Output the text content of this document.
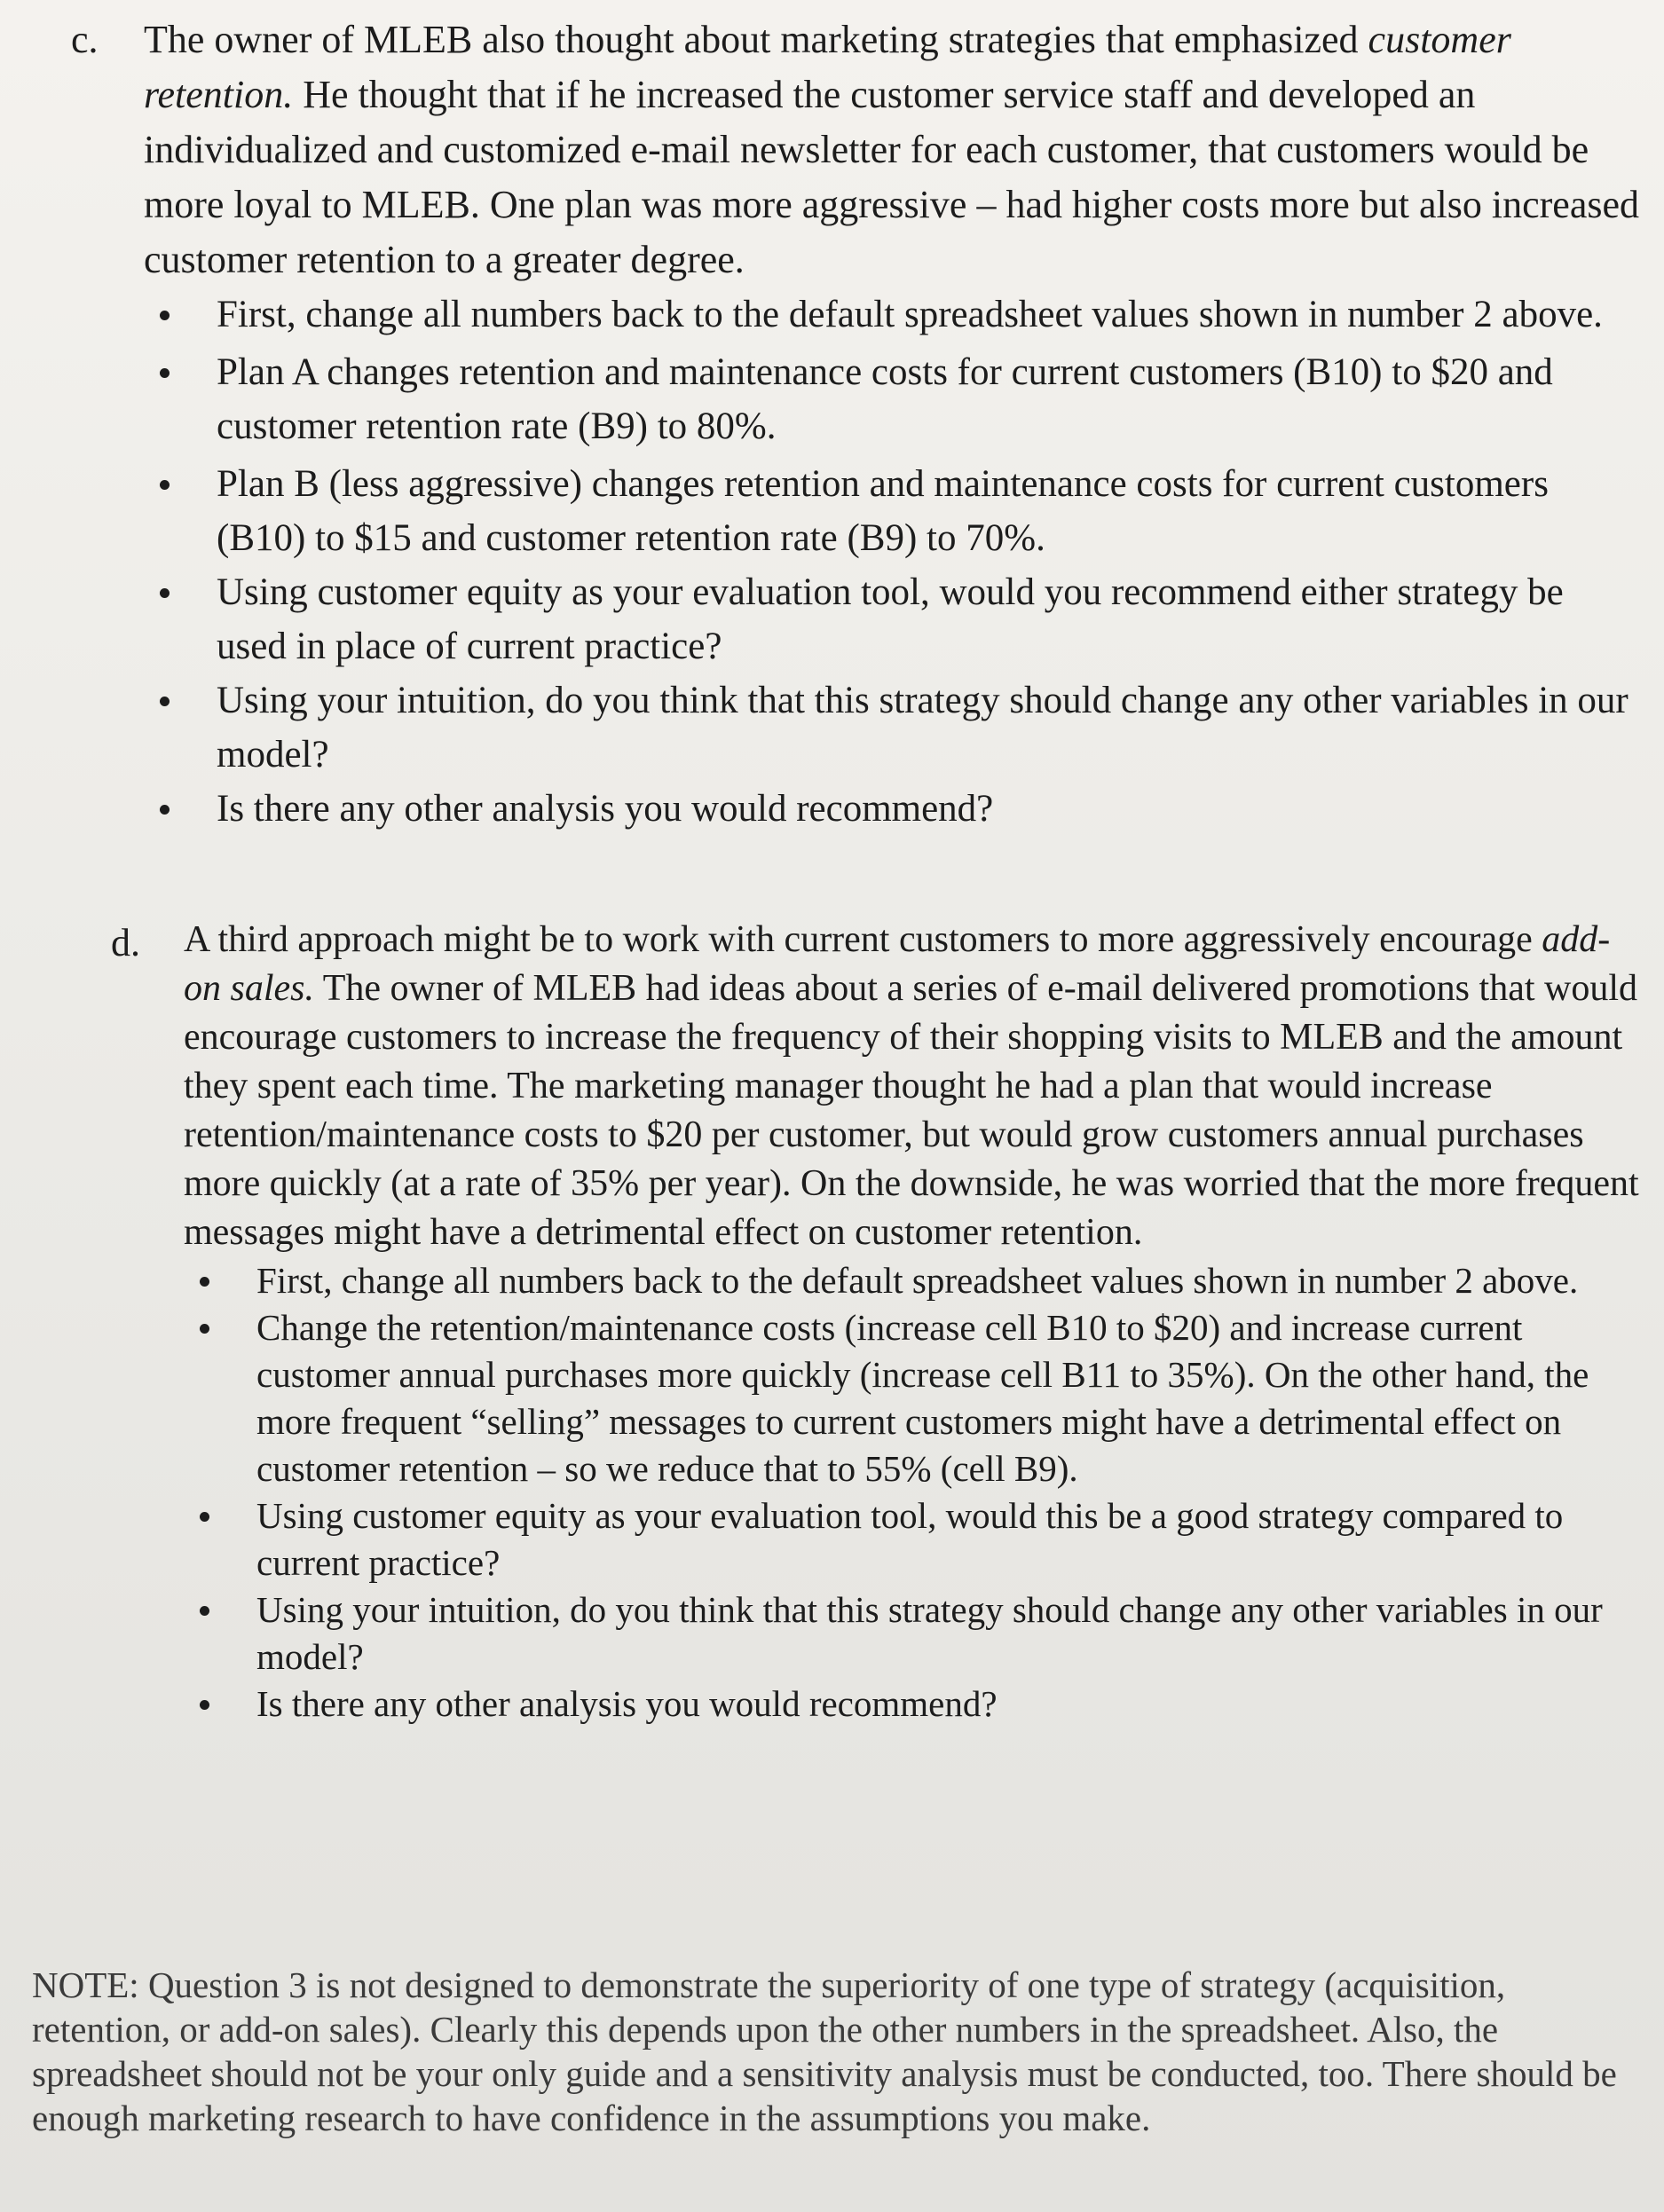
c. The owner of MLEB also thought about marketing strategies that emphasized customer retention. He thought that if he increased the customer service staff and developed an individualized and customized e-mail newsletter for each customer, that customers would be more loyal to MLEB. One plan was more aggressive – had higher costs more but also increased customer retention to a greater degree.

First, change all numbers back to the default spreadsheet values shown in number 2 above.
Plan A changes retention and maintenance costs for current customers (B10) to $20 and customer retention rate (B9) to 80%.
Plan B (less aggressive) changes retention and maintenance costs for current customers (B10) to $15 and customer retention rate (B9) to 70%.
Using customer equity as your evaluation tool, would you recommend either strategy be used in place of current practice?
Using your intuition, do you think that this strategy should change any other variables in our model?
Is there any other analysis you would recommend?
d. A third approach might be to work with current customers to more aggressively encourage add-on sales. The owner of MLEB had ideas about a series of e-mail delivered promotions that would encourage customers to increase the frequency of their shopping visits to MLEB and the amount they spent each time. The marketing manager thought he had a plan that would increase retention/maintenance costs to $20 per customer, but would grow customers annual purchases more quickly (at a rate of 35% per year). On the downside, he was worried that the more frequent messages might have a detrimental effect on customer retention.

First, change all numbers back to the default spreadsheet values shown in number 2 above.
Change the retention/maintenance costs (increase cell B10 to $20) and increase current customer annual purchases more quickly (increase cell B11 to 35%). On the other hand, the more frequent “selling” messages to current customers might have a detrimental effect on customer retention – so we reduce that to 55% (cell B9).
Using customer equity as your evaluation tool, would this be a good strategy compared to current practice?
Using your intuition, do you think that this strategy should change any other variables in our model?
Is there any other analysis you would recommend?

NOTE: Question 3 is not designed to demonstrate the superiority of one type of strategy (acquisition, retention, or add-on sales). Clearly this depends upon the other numbers in the spreadsheet. Also, the spreadsheet should not be your only guide and a sensitivity analysis must be conducted, too. There should be enough marketing research to have confidence in the assumptions you make.
